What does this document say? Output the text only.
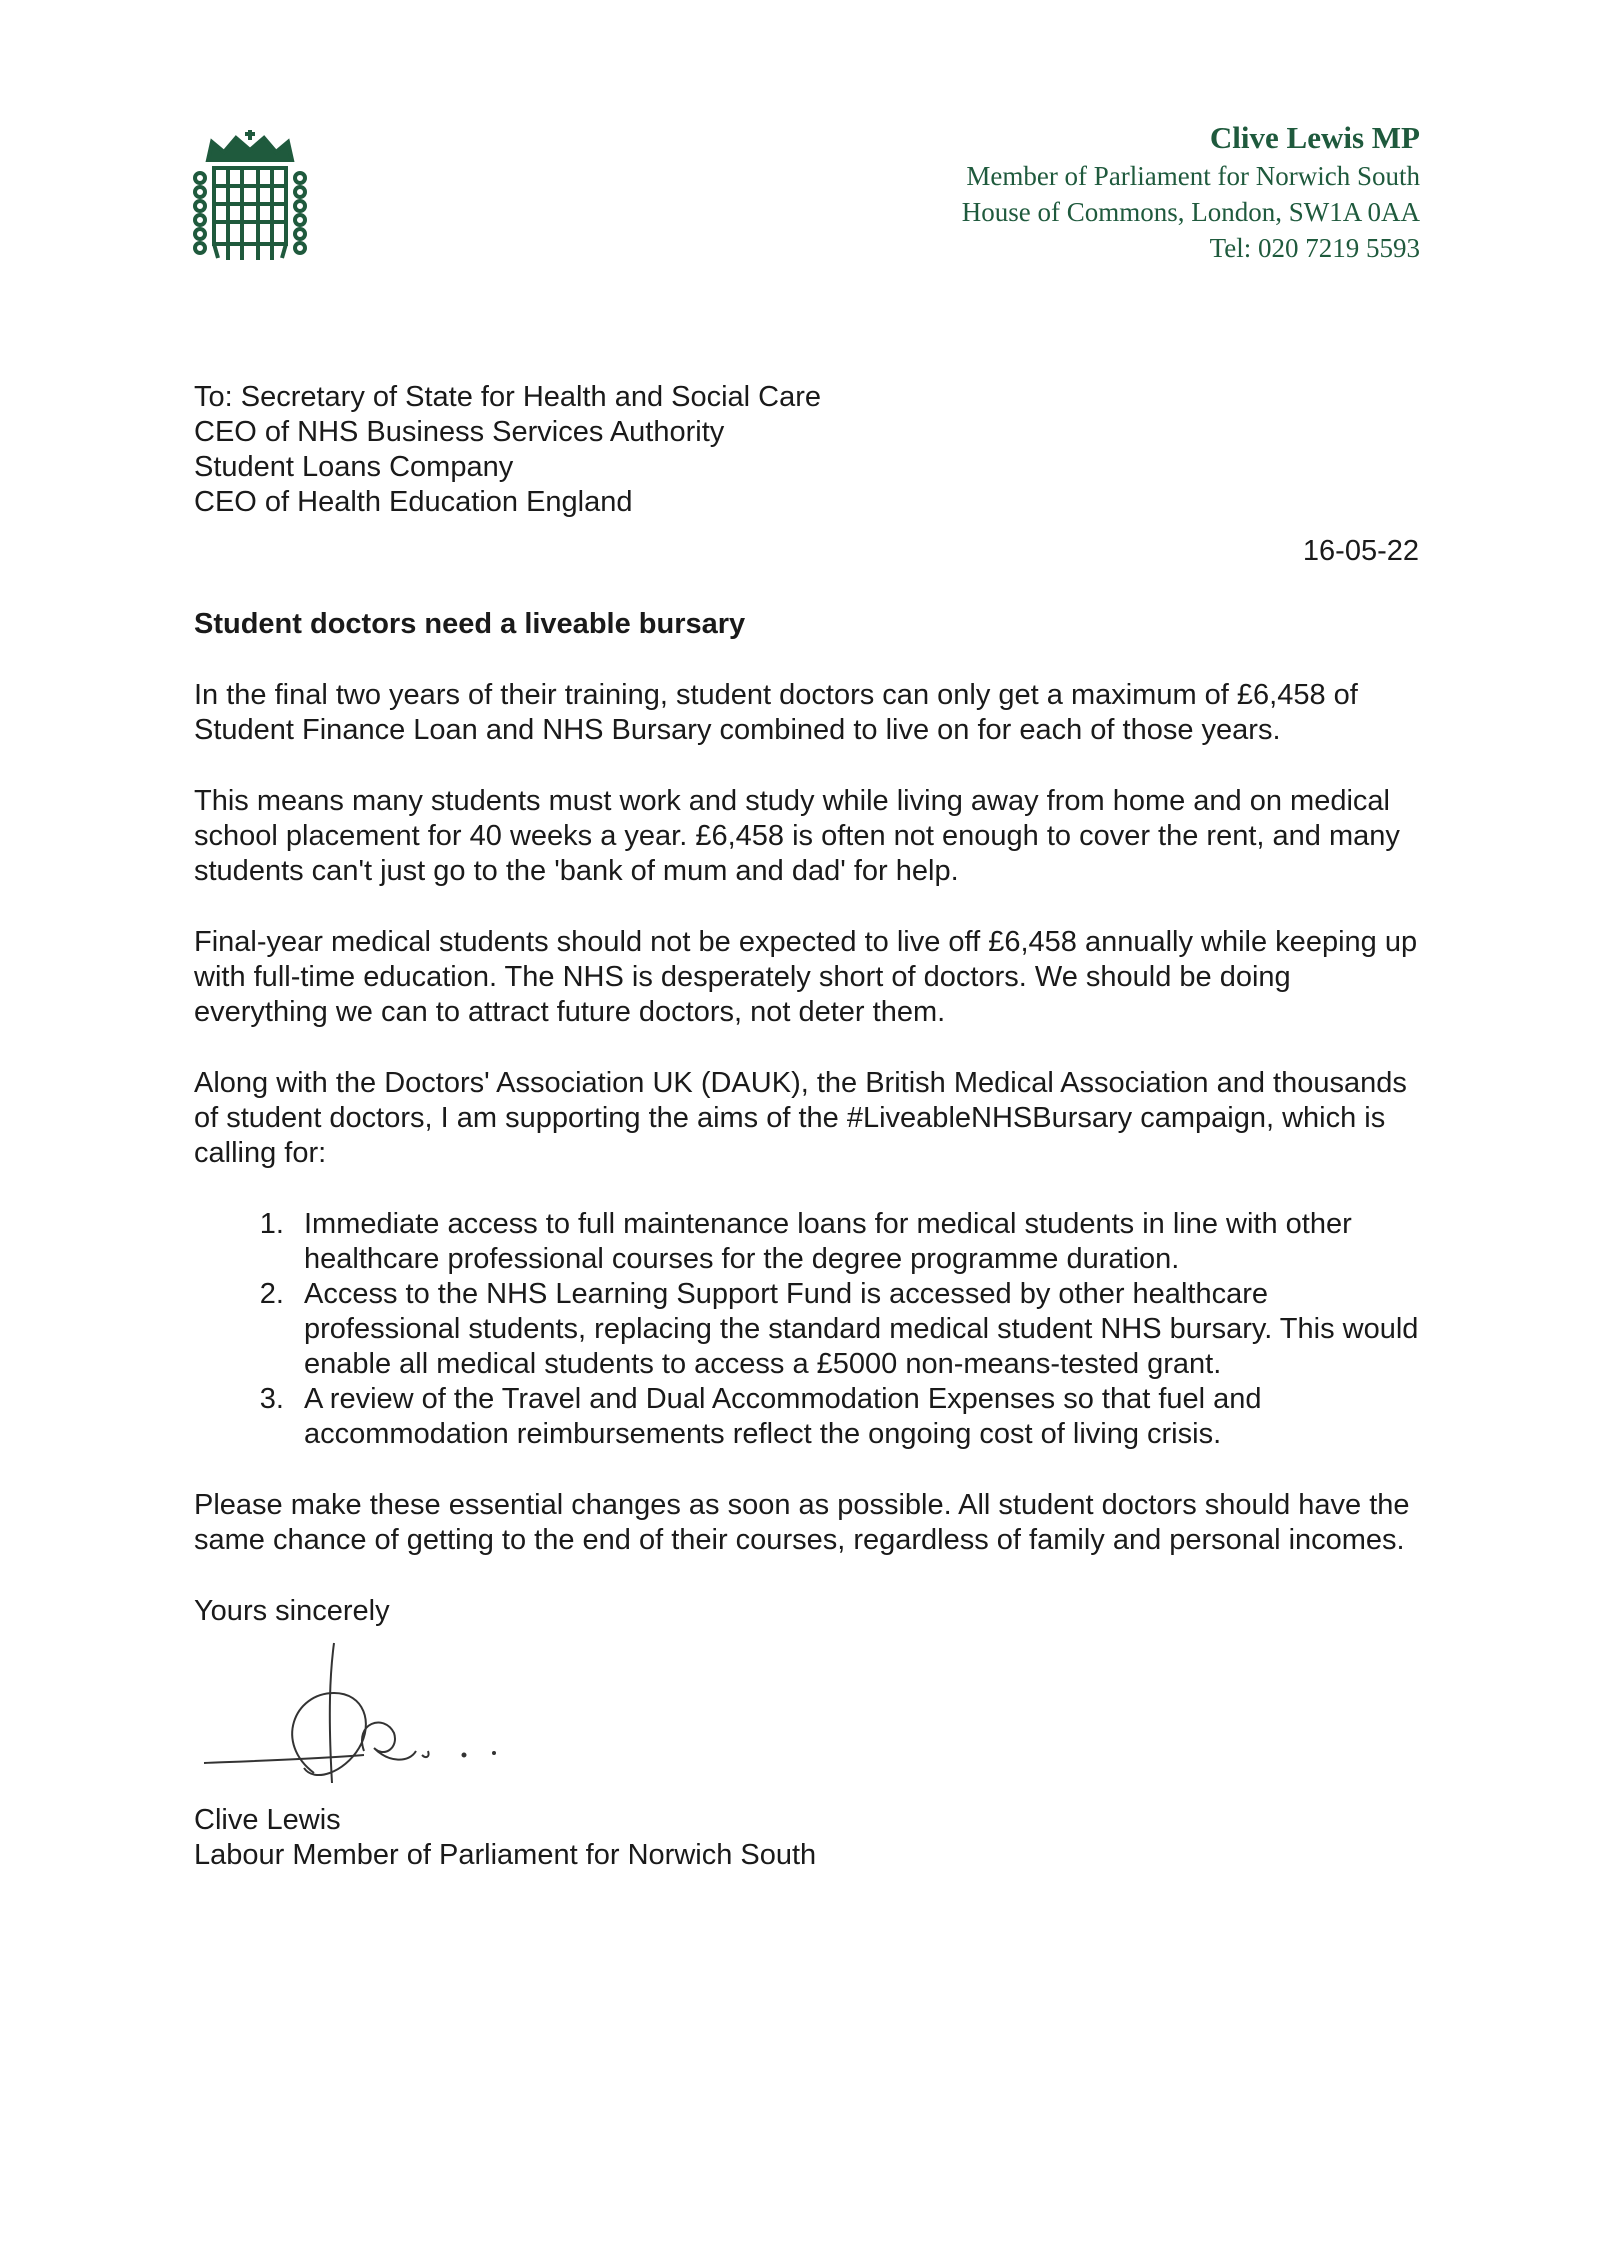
Clive Lewis MP
Member of Parliament for Norwich South
House of Commons, London, SW1A 0AA
Tel: 020 7219 5593
To: Secretary of State for Health and Social Care
CEO of NHS Business Services Authority
Student Loans Company
CEO of Health Education England
16-05-22
Student doctors need a liveable bursary

In the final two years of their training, student doctors can only get a maximum of £6,458 of Student Finance Loan and NHS Bursary combined to live on for each of those years.

This means many students must work and study while living away from home and on medical school placement for 40 weeks a year. £6,458 is often not enough to cover the rent, and many students can't just go to the 'bank of mum and dad' for help.

Final-year medical students should not be expected to live off £6,458 annually while keeping up with full-time education. The NHS is desperately short of doctors. We should be doing everything we can to attract future doctors, not deter them.

Along with the Doctors' Association UK (DAUK), the British Medical Association and thousands of student doctors, I am supporting the aims of the #LiveableNHSBursary campaign, which is calling for:

1. Immediate access to full maintenance loans for medical students in line with other healthcare professional courses for the degree programme duration.
2. Access to the NHS Learning Support Fund is accessed by other healthcare professional students, replacing the standard medical student NHS bursary. This would enable all medical students to access a £5000 non-means-tested grant.
3. A review of the Travel and Dual Accommodation Expenses so that fuel and accommodation reimbursements reflect the ongoing cost of living crisis.

Please make these essential changes as soon as possible. All student doctors should have the same chance of getting to the end of their courses, regardless of family and personal incomes.

Yours sincerely
Clive Lewis
Labour Member of Parliament for Norwich South
